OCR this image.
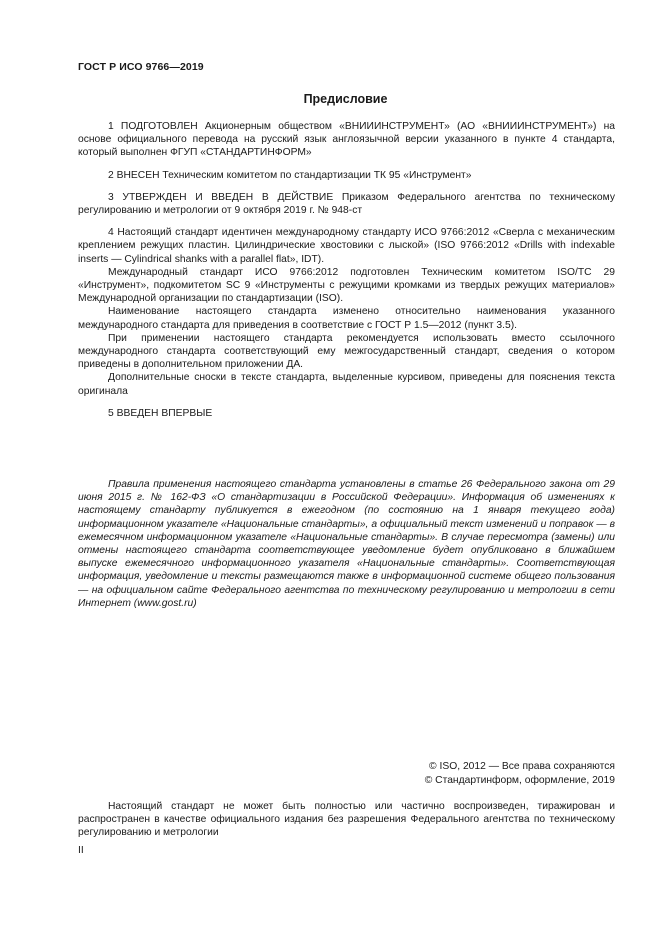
ГОСТ Р ИСО 9766—2019
Предисловие

1 ПОДГОТОВЛЕН Акционерным обществом «ВНИИИНСТРУМЕНТ» (АО «ВНИИИНСТРУМЕНТ») на основе официального перевода на русский язык англоязычной версии указанного в пункте 4 стандарта, который выполнен ФГУП «СТАНДАРТИНФОРМ»

2 ВНЕСЕН Техническим комитетом по стандартизации ТК 95 «Инструмент»

3 УТВЕРЖДЕН И ВВЕДЕН В ДЕЙСТВИЕ Приказом Федерального агентства по техническому регулированию и метрологии от 9 октября 2019 г. № 948-ст

4 Настоящий стандарт идентичен международному стандарту ИСО 9766:2012 «Сверла с механическим креплением режущих пластин. Цилиндрические хвостовики с лыской» (ISO 9766:2012 «Drills with indexable inserts — Cylindrical shanks with a parallel flat», IDT).

Международный стандарт ИСО 9766:2012 подготовлен Техническим комитетом ISO/TC 29 «Инструмент», подкомитетом SC 9 «Инструменты с режущими кромками из твердых режущих материалов» Международной организации по стандартизации (ISO).

Наименование настоящего стандарта изменено относительно наименования указанного международного стандарта для приведения в соответствие с ГОСТ Р 1.5—2012 (пункт 3.5).

При применении настоящего стандарта рекомендуется использовать вместо ссылочного международного стандарта соответствующий ему межгосударственный стандарт, сведения о котором приведены в дополнительном приложении ДА.

Дополнительные сноски в тексте стандарта, выделенные курсивом, приведены для пояснения текста оригинала

5 ВВЕДЕН ВПЕРВЫЕ

Правила применения настоящего стандарта установлены в статье 26 Федерального закона от 29 июня 2015 г. № 162-ФЗ «О стандартизации в Российской Федерации». Информация об изменениях к настоящему стандарту публикуется в ежегодном (по состоянию на 1 января текущего года) информационном указателе «Национальные стандарты», а официальный текст изменений и поправок — в ежемесячном информационном указателе «Национальные стандарты». В случае пересмотра (замены) или отмены настоящего стандарта соответствующее уведомление будет опубликовано в ближайшем выпуске ежемесячного информационного указателя «Национальные стандарты». Соответствующая информация, уведомление и тексты размещаются также в информационной системе общего пользования — на официальном сайте Федерального агентства по техническому регулированию и метрологии в сети Интернет (www.gost.ru)

© ISO, 2012 — Все права сохраняются
© Стандартинформ, оформление, 2019

Настоящий стандарт не может быть полностью или частично воспроизведен, тиражирован и распространен в качестве официального издания без разрешения Федерального агентства по техническому регулированию и метрологии

II
